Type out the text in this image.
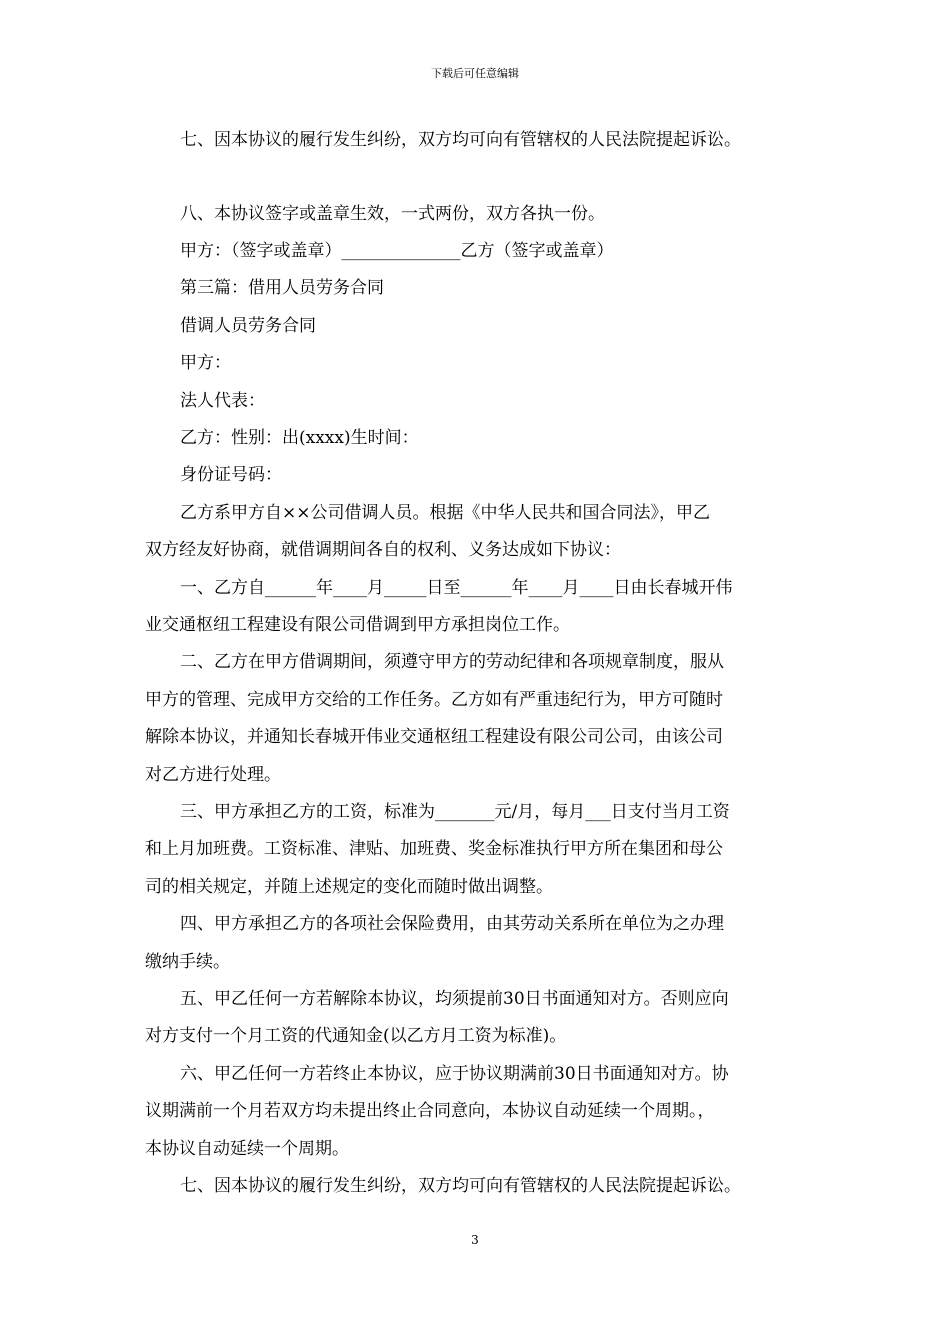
下载后可任意编辑
七、因本协议的履行发生纠纷，双方均可向有管辖权的人民法院提起诉讼。
八、本协议签字或盖章生效，一式两份，双方各执一份。
甲方：（签字或盖章）______________乙方（签字或盖章）
第三篇：借用人员劳务合同
借调人员劳务合同
甲方：
法人代表：
乙方：性别：出(xxxx)生时间：
身份证号码：
乙方系甲方自××公司借调人员。根据《中华人民共和国合同法》，甲乙
双方经友好协商，就借调期间各自的权利、义务达成如下协议：
一、乙方自______年____月_____日至______年____月____日由长春城开伟
业交通枢纽工程建设有限公司借调到甲方承担岗位工作。
二、乙方在甲方借调期间，须遵守甲方的劳动纪律和各项规章制度，服从
甲方的管理、完成甲方交给的工作任务。乙方如有严重违纪行为，甲方可随时
解除本协议，并通知长春城开伟业交通枢纽工程建设有限公司公司，由该公司
对乙方进行处理。
三、甲方承担乙方的工资，标准为_______元/月，每月___日支付当月工资
和上月加班费。工资标准、津贴、加班费、奖金标准执行甲方所在集团和母公
司的相关规定，并随上述规定的变化而随时做出调整。
四、甲方承担乙方的各项社会保险费用，由其劳动关系所在单位为之办理
缴纳手续。
五、甲乙任何一方若解除本协议，均须提前30日书面通知对方。否则应向
对方支付一个月工资的代通知金(以乙方月工资为标准)。
六、甲乙任何一方若终止本协议，应于协议期满前30日书面通知对方。协
议期满前一个月若双方均未提出终止合同意向，本协议自动延续一个周期。，
本协议自动延续一个周期。
七、因本协议的履行发生纠纷，双方均可向有管辖权的人民法院提起诉讼。
3
